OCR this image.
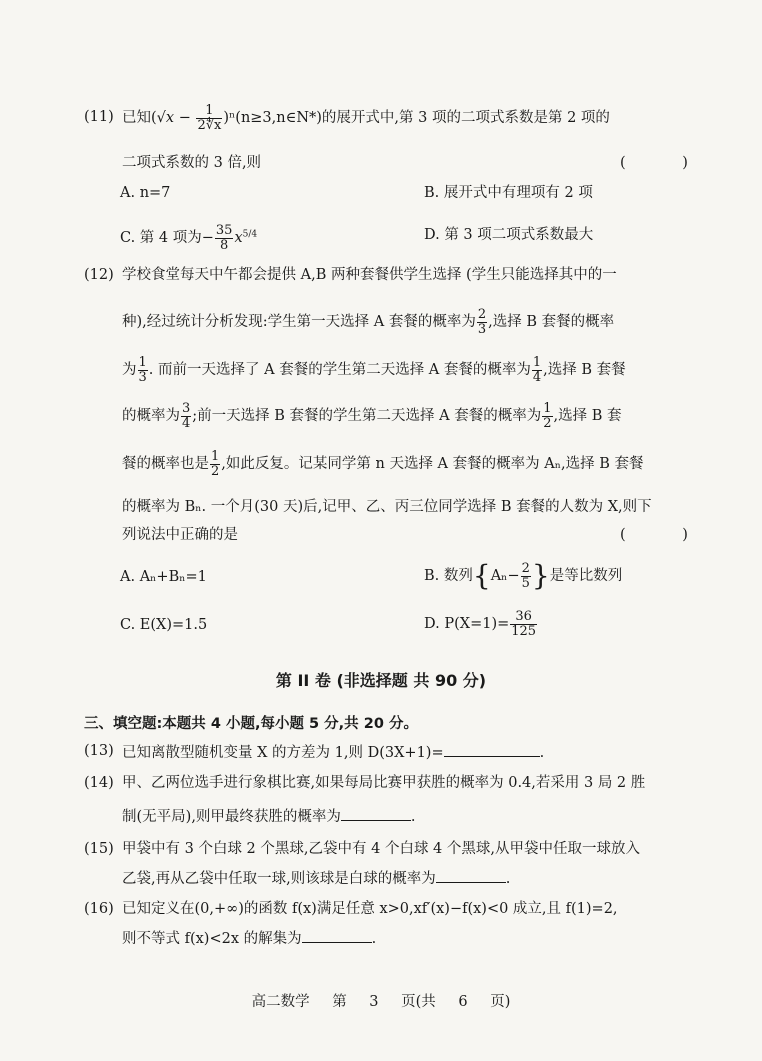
(11) 已知($√x - \frac{1}{2∜x}$ )ⁿ(n≥3,n∈N*)的展开式中,第 3 项的二项式系数是第 2 项的
二项式系数的 3 倍,则	( )
A. n=7	B. 展开式中有理项有 2 项
C. 第 4 项为− $\frac{35}{8} x^{5/4}$	D. 第 3 项二项式系数最大
(12) 学校食堂每天中午都会提供 A,B 两种套餐供学生选择 (学生只能选择其中的一
种),经过统计分析发现:学生第一天选择 A 套餐的概率为 $\frac{2}{3}$ ,选择 B 套餐的概率
为 $\frac{1}{3}$ . 而前一天选择了 A 套餐的学生第二天选择 A 套餐的概率为 $\frac{1}{4}$ ,选择 B 套餐
的概率为 $\frac{3}{4}$ ;前一天选择 B 套餐的学生第二天选择 A 套餐的概率为 $\frac{1}{2}$ ,选择 B 套
餐的概率也是 $\frac{1}{2}$ ,如此反复。记某同学第 n 天选择 A 套餐的概率为 Aₙ,选择 B 套餐
的概率为 Bₙ. 一个月(30 天)后,记甲、乙、丙三位同学选择 B 套餐的人数为 X,则下
列说法中正确的是	( )
A. Aₙ+Bₙ=1	B. 数列{$A_n- \frac{2}{5}$ }是等比数列
C. E(X)=1.5	D. $P(X=1)= \frac{36}{125}$
第 II 卷 (非选择题 共 90 分)
三、填空题:本题共 4 小题,每小题 5 分,共 20 分。
(13) 已知离散型随机变量 X 的方差为 1,则 D(3X+1)=	.
(14) 甲、乙两位选手进行象棋比赛,如果每局比赛甲获胜的概率为 0.4,若采用 3 局 2 胜
制(无平局),则甲最终获胜的概率为	.
(15) 甲袋中有 3 个白球 2 个黑球,乙袋中有 4 个白球 4 个黑球,从甲袋中任取一球放入
乙袋,再从乙袋中任取一球,则该球是白球的概率为	.
(16) 已知定义在(0,+∞)的函数 f(x)满足任意 x>0,xf′(x)−f(x)<0 成立,且 f(1)=2,
则不等式 f(x)<2x 的解集为	.
高二数学 第 3 页(共 6 页)
